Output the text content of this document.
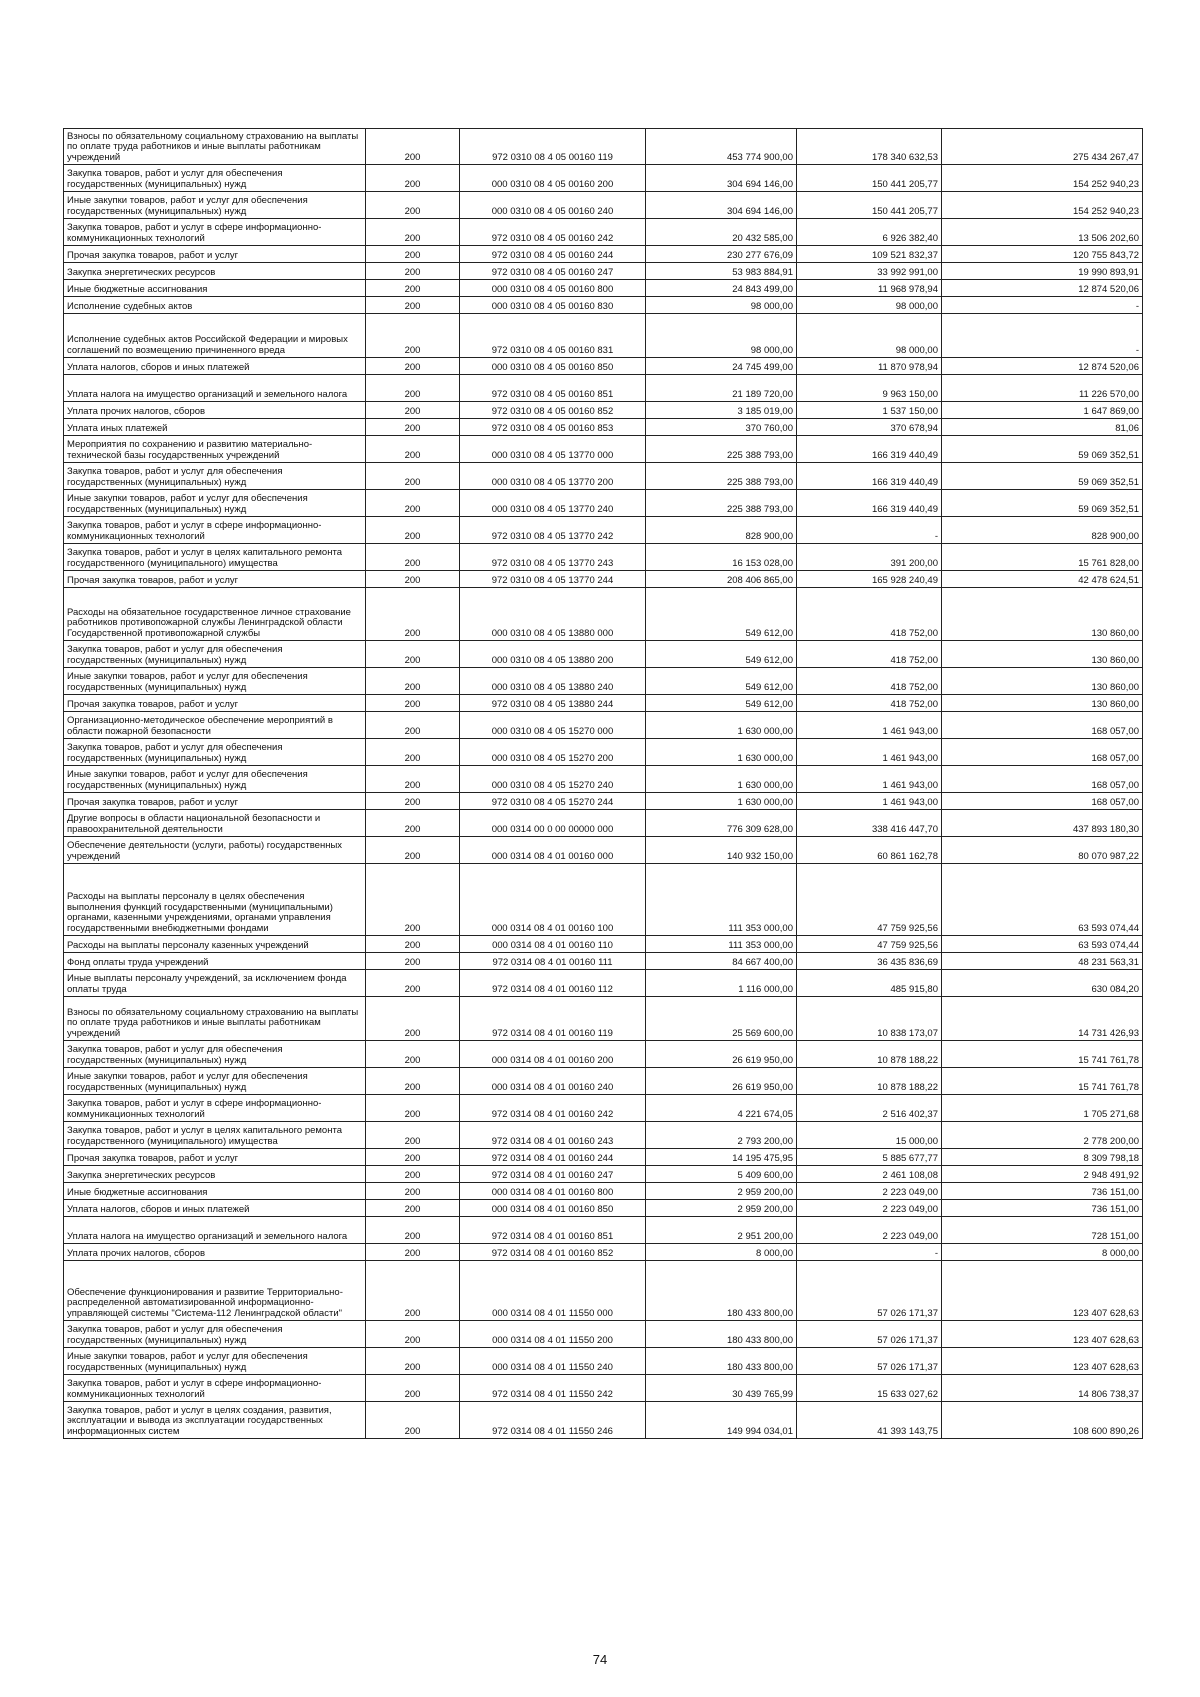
Взносы по обязательному социальному страхованию на выплаты
по оплате труда работников и иные выплаты работникам
учреждений	200	972 0310 08 4 05 00160 119	453 774 900,00	178 340 632,53	275 434 267,47
Закупка товаров, работ и услуг для обеспечения
государственных (муниципальных) нужд	200	000 0310 08 4 05 00160 200	304 694 146,00	150 441 205,77	154 252 940,23
Иные закупки товаров, работ и услуг для обеспечения
государственных (муниципальных) нужд	200	000 0310 08 4 05 00160 240	304 694 146,00	150 441 205,77	154 252 940,23
Закупка товаров, работ и услуг в сфере информационно-
коммуникационных технологий	200	972 0310 08 4 05 00160 242	20 432 585,00	6 926 382,40	13 506 202,60
Прочая закупка товаров, работ и услуг	200	972 0310 08 4 05 00160 244	230 277 676,09	109 521 832,37	120 755 843,72
Закупка энергетических ресурсов	200	972 0310 08 4 05 00160 247	53 983 884,91	33 992 991,00	19 990 893,91
Иные бюджетные ассигнования	200	000 0310 08 4 05 00160 800	24 843 499,00	11 968 978,94	12 874 520,06
Исполнение судебных актов	200	000 0310 08 4 05 00160 830	98 000,00	98 000,00	-

Исполнение судебных актов Российской Федерации и мировых
соглашений по возмещению причиненного вреда	200	972 0310 08 4 05 00160 831	98 000,00	98 000,00	-
Уплата налогов, сборов и иных платежей	200	000 0310 08 4 05 00160 850	24 745 499,00	11 870 978,94	12 874 520,06

Уплата налога на имущество организаций и земельного налога	200	972 0310 08 4 05 00160 851	21 189 720,00	9 963 150,00	11 226 570,00
Уплата прочих налогов, сборов	200	972 0310 08 4 05 00160 852	3 185 019,00	1 537 150,00	1 647 869,00
Уплата иных платежей	200	972 0310 08 4 05 00160 853	370 760,00	370 678,94	81,06
Мероприятия по сохранению и развитию материально-
технической базы государственных учреждений	200	000 0310 08 4 05 13770 000	225 388 793,00	166 319 440,49	59 069 352,51
Закупка товаров, работ и услуг для обеспечения
государственных (муниципальных) нужд	200	000 0310 08 4 05 13770 200	225 388 793,00	166 319 440,49	59 069 352,51
Иные закупки товаров, работ и услуг для обеспечения
государственных (муниципальных) нужд	200	000 0310 08 4 05 13770 240	225 388 793,00	166 319 440,49	59 069 352,51
Закупка товаров, работ и услуг в сфере информационно-
коммуникационных технологий	200	972 0310 08 4 05 13770 242	828 900,00	-	828 900,00
Закупка товаров, работ и услуг в целях капитального ремонта
государственного (муниципального) имущества	200	972 0310 08 4 05 13770 243	16 153 028,00	391 200,00	15 761 828,00
Прочая закупка товаров, работ и услуг	200	972 0310 08 4 05 13770 244	208 406 865,00	165 928 240,49	42 478 624,51

Расходы на обязательное государственное личное страхование
работников противопожарной службы Ленинградской области
Государственной противопожарной службы	200	000 0310 08 4 05 13880 000	549 612,00	418 752,00	130 860,00
Закупка товаров, работ и услуг для обеспечения
государственных (муниципальных) нужд	200	000 0310 08 4 05 13880 200	549 612,00	418 752,00	130 860,00
Иные закупки товаров, работ и услуг для обеспечения
государственных (муниципальных) нужд	200	000 0310 08 4 05 13880 240	549 612,00	418 752,00	130 860,00
Прочая закупка товаров, работ и услуг	200	972 0310 08 4 05 13880 244	549 612,00	418 752,00	130 860,00
Организационно-методическое обеспечение мероприятий в
области пожарной безопасности	200	000 0310 08 4 05 15270 000	1 630 000,00	1 461 943,00	168 057,00
Закупка товаров, работ и услуг для обеспечения
государственных (муниципальных) нужд	200	000 0310 08 4 05 15270 200	1 630 000,00	1 461 943,00	168 057,00
Иные закупки товаров, работ и услуг для обеспечения
государственных (муниципальных) нужд	200	000 0310 08 4 05 15270 240	1 630 000,00	1 461 943,00	168 057,00
Прочая закупка товаров, работ и услуг	200	972 0310 08 4 05 15270 244	1 630 000,00	1 461 943,00	168 057,00
Другие вопросы в области национальной безопасности и
правоохранительной деятельности	200	000 0314 00 0 00 00000 000	776 309 628,00	338 416 447,70	437 893 180,30
Обеспечение деятельности (услуги, работы) государственных
учреждений	200	000 0314 08 4 01 00160 000	140 932 150,00	60 861 162,78	80 070 987,22

Расходы на выплаты персоналу в целях обеспечения
выполнения функций государственными (муниципальными)
органами, казенными учреждениями, органами управления
государственными внебюджетными фондами	200	000 0314 08 4 01 00160 100	111 353 000,00	47 759 925,56	63 593 074,44
Расходы на выплаты персоналу казенных учреждений	200	000 0314 08 4 01 00160 110	111 353 000,00	47 759 925,56	63 593 074,44
Фонд оплаты труда учреждений	200	972 0314 08 4 01 00160 111	84 667 400,00	36 435 836,69	48 231 563,31
Иные выплаты персоналу учреждений, за исключением фонда
оплаты труда	200	972 0314 08 4 01 00160 112	1 116 000,00	485 915,80	630 084,20
Взносы по обязательному социальному страхованию на выплаты
по оплате труда работников и иные выплаты работникам
учреждений	200	972 0314 08 4 01 00160 119	25 569 600,00	10 838 173,07	14 731 426,93
Закупка товаров, работ и услуг для обеспечения
государственных (муниципальных) нужд	200	000 0314 08 4 01 00160 200	26 619 950,00	10 878 188,22	15 741 761,78
Иные закупки товаров, работ и услуг для обеспечения
государственных (муниципальных) нужд	200	000 0314 08 4 01 00160 240	26 619 950,00	10 878 188,22	15 741 761,78
Закупка товаров, работ и услуг в сфере информационно-
коммуникационных технологий	200	972 0314 08 4 01 00160 242	4 221 674,05	2 516 402,37	1 705 271,68
Закупка товаров, работ и услуг в целях капитального ремонта
государственного (муниципального) имущества	200	972 0314 08 4 01 00160 243	2 793 200,00	15 000,00	2 778 200,00
Прочая закупка товаров, работ и услуг	200	972 0314 08 4 01 00160 244	14 195 475,95	5 885 677,77	8 309 798,18
Закупка энергетических ресурсов	200	972 0314 08 4 01 00160 247	5 409 600,00	2 461 108,08	2 948 491,92
Иные бюджетные ассигнования	200	000 0314 08 4 01 00160 800	2 959 200,00	2 223 049,00	736 151,00
Уплата налогов, сборов и иных платежей	200	000 0314 08 4 01 00160 850	2 959 200,00	2 223 049,00	736 151,00

Уплата налога на имущество организаций и земельного налога	200	972 0314 08 4 01 00160 851	2 951 200,00	2 223 049,00	728 151,00
Уплата прочих налогов, сборов	200	972 0314 08 4 01 00160 852	8 000,00	-	8 000,00

Обеспечение функционирования и развитие Территориально-
распределенной автоматизированной информационно-
управляющей системы "Система-112 Ленинградской области"	200	000 0314 08 4 01 11550 000	180 433 800,00	57 026 171,37	123 407 628,63
Закупка товаров, работ и услуг для обеспечения
государственных (муниципальных) нужд	200	000 0314 08 4 01 11550 200	180 433 800,00	57 026 171,37	123 407 628,63
Иные закупки товаров, работ и услуг для обеспечения
государственных (муниципальных) нужд	200	000 0314 08 4 01 11550 240	180 433 800,00	57 026 171,37	123 407 628,63
Закупка товаров, работ и услуг в сфере информационно-
коммуникационных технологий	200	972 0314 08 4 01 11550 242	30 439 765,99	15 633 027,62	14 806 738,37
Закупка товаров, работ и услуг в целях создания, развития,
эксплуатации и вывода из эксплуатации государственных
информационных систем	200	972 0314 08 4 01 11550 246	149 994 034,01	41 393 143,75	108 600 890,26
74
